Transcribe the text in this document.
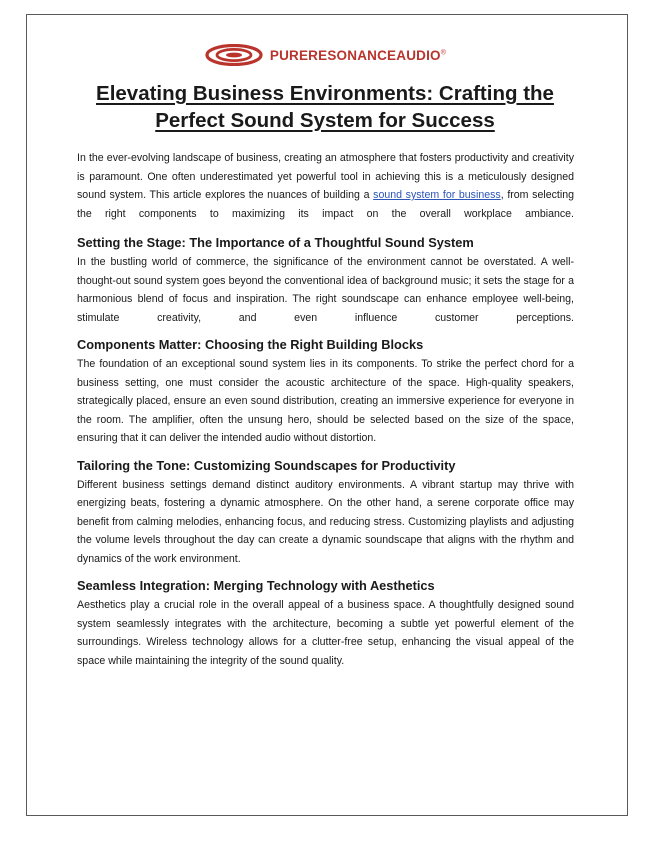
PURERESONANCEAUDIO®
Elevating Business Environments: Crafting the Perfect Sound System for Success

In the ever-evolving landscape of business, creating an atmosphere that fosters productivity and creativity is paramount. One often underestimated yet powerful tool in achieving this is a meticulously designed sound system. This article explores the nuances of building a sound system for business, from selecting the right components to maximizing its impact on the overall workplace ambiance.

Setting the Stage: The Importance of a Thoughtful Sound System

In the bustling world of commerce, the significance of the environment cannot be overstated. A well-thought-out sound system goes beyond the conventional idea of background music; it sets the stage for a harmonious blend of focus and inspiration. The right soundscape can enhance employee well-being, stimulate creativity, and even influence customer perceptions.

Components Matter: Choosing the Right Building Blocks

The foundation of an exceptional sound system lies in its components. To strike the perfect chord for a business setting, one must consider the acoustic architecture of the space. High-quality speakers, strategically placed, ensure an even sound distribution, creating an immersive experience for everyone in the room. The amplifier, often the unsung hero, should be selected based on the size of the space, ensuring that it can deliver the intended audio without distortion.

Tailoring the Tone: Customizing Soundscapes for Productivity

Different business settings demand distinct auditory environments. A vibrant startup may thrive with energizing beats, fostering a dynamic atmosphere. On the other hand, a serene corporate office may benefit from calming melodies, enhancing focus, and reducing stress. Customizing playlists and adjusting the volume levels throughout the day can create a dynamic soundscape that aligns with the rhythm and dynamics of the work environment.

Seamless Integration: Merging Technology with Aesthetics

Aesthetics play a crucial role in the overall appeal of a business space. A thoughtfully designed sound system seamlessly integrates with the architecture, becoming a subtle yet powerful element of the surroundings. Wireless technology allows for a clutter-free setup, enhancing the visual appeal of the space while maintaining the integrity of the sound quality.
